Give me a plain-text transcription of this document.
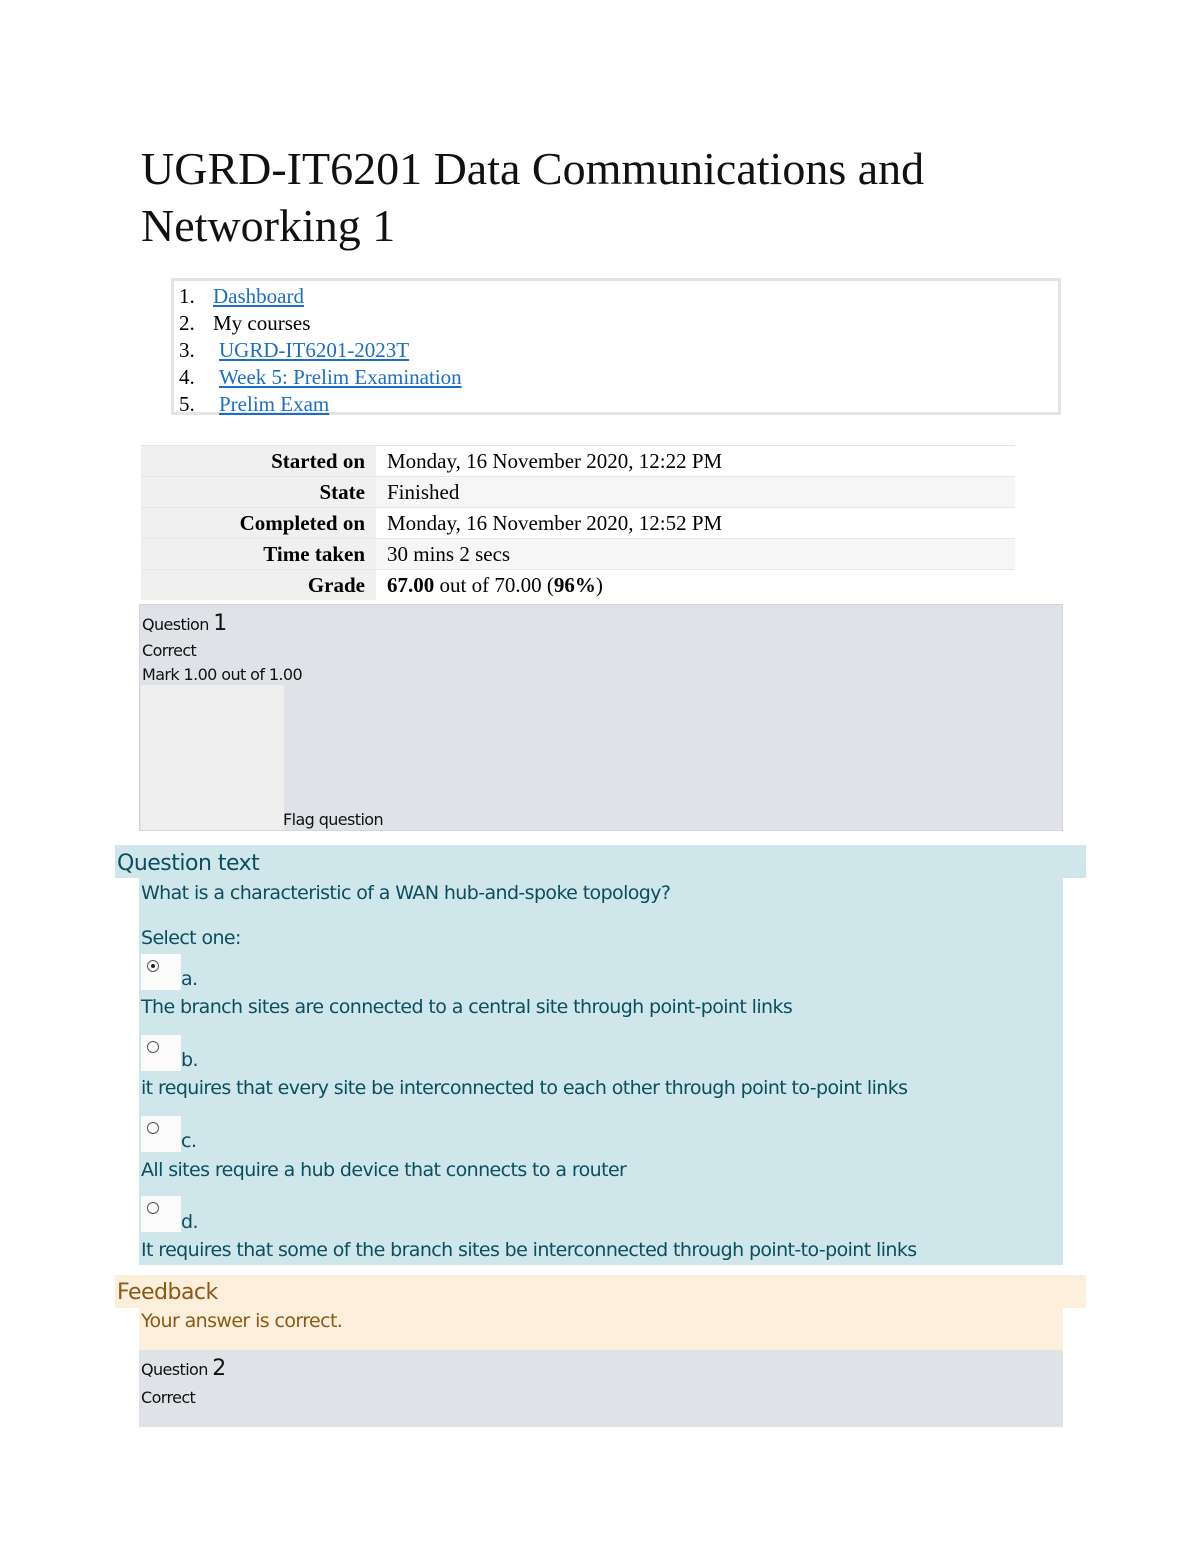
UGRD-IT6201 Data Communications and Networking 1
1. Dashboard
2. My courses
3. UGRD-IT6201-2023T
4. Week 5: Prelim Examination
5. Prelim Exam
Started on	Monday, 16 November 2020, 12:22 PM
State	Finished
Completed on	Monday, 16 November 2020, 12:52 PM
Time taken	30 mins 2 secs
Grade	67.00 out of 70.00 (96%)
Question 1
Correct
Mark 1.00 out of 1.00
Flag question
Question text
What is a characteristic of a WAN hub-and-spoke topology?
Select one:
a.
The branch sites are connected to a central site through point-point links
b.
it requires that every site be interconnected to each other through point to-point links
c.
All sites require a hub device that connects to a router
d.
It requires that some of the branch sites be interconnected through point-to-point links
Feedback
Your answer is correct.
Question 2
Correct
